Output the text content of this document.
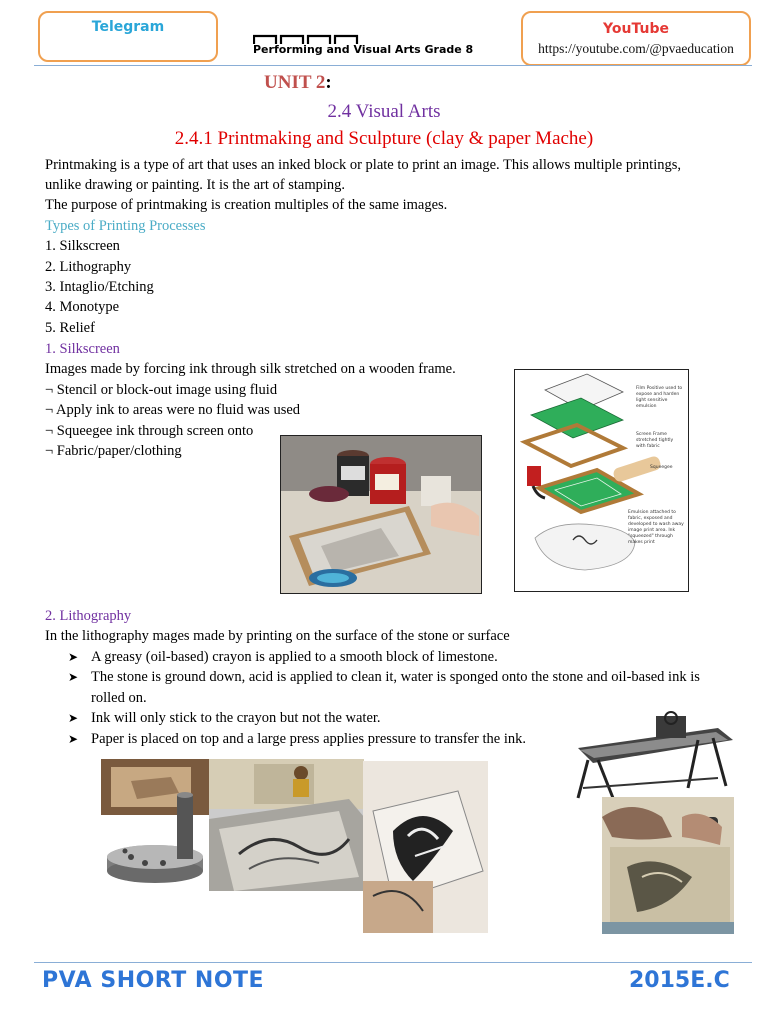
Telegram
Performing and Visual Arts Grade 8
YouTube
https://youtube.com/@pvaeducation
UNIT 2:
2.4 Visual Arts
2.4.1 Printmaking and Sculpture (clay & paper Mache)
Printmaking is a type of art that uses an inked block or plate to print an image. This allows multiple printings,
unlike drawing or painting. It is the art of stamping.
The purpose of printmaking is creation multiples of the same images.
Types of Printing Processes
1. Silkscreen
2. Lithography
3. Intaglio/Etching
4. Monotype
5. Relief
1. Silkscreen
Images made by forcing ink through silk stretched on a wooden frame.
¬ Stencil or block-out image using fluid
¬ Apply ink to areas were no fluid was used
¬ Squeegee ink through screen onto
¬ Fabric/paper/clothing
Film Positive used to expose and harden light sensitive emulsion
Screen Frame stretched tightly with fabric
Squeegee
Emulsion attached to fabric, exposed and developed to wash away image print area. Ink "squeezed" through makes print
2. Lithography
In the lithography mages made by printing on the surface of the stone or surface
➤ A greasy (oil-based) crayon is applied to a smooth block of limestone.
➤ The stone is ground down, acid is applied to clean it, water is sponged onto the stone and oil-based ink is rolled on.
➤ Ink will only stick to the crayon but not the water.
➤ Paper is placed on top and a large press applies pressure to transfer the ink.
PVA SHORT NOTE	2015E.C
